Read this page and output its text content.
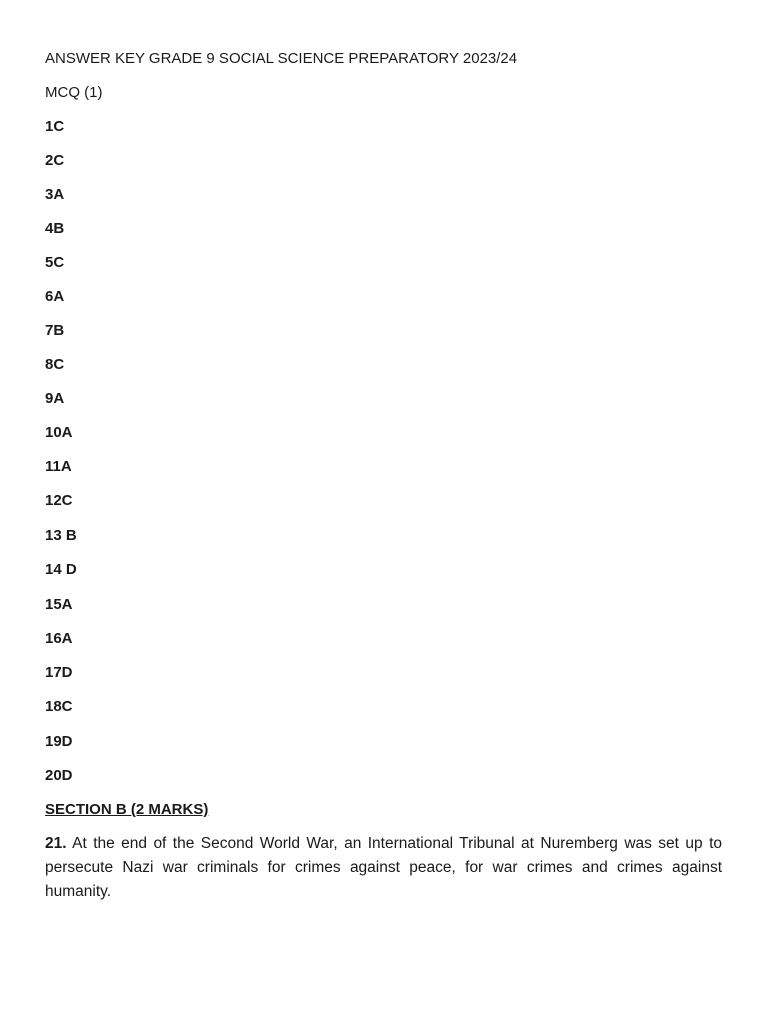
ANSWER KEY GRADE 9 SOCIAL SCIENCE PREPARATORY 2023/24
MCQ (1)
1C
2C
3A
4B
5C
6A
7B
8C
9A
10A
11A
12C
13 B
14 D
15A
16A
17D
18C
19D
20D
SECTION B (2 MARKS)
21. At the end of the Second World War, an International Tribunal at Nuremberg was set up to persecute Nazi war criminals for crimes against peace, for war crimes and crimes against humanity.
